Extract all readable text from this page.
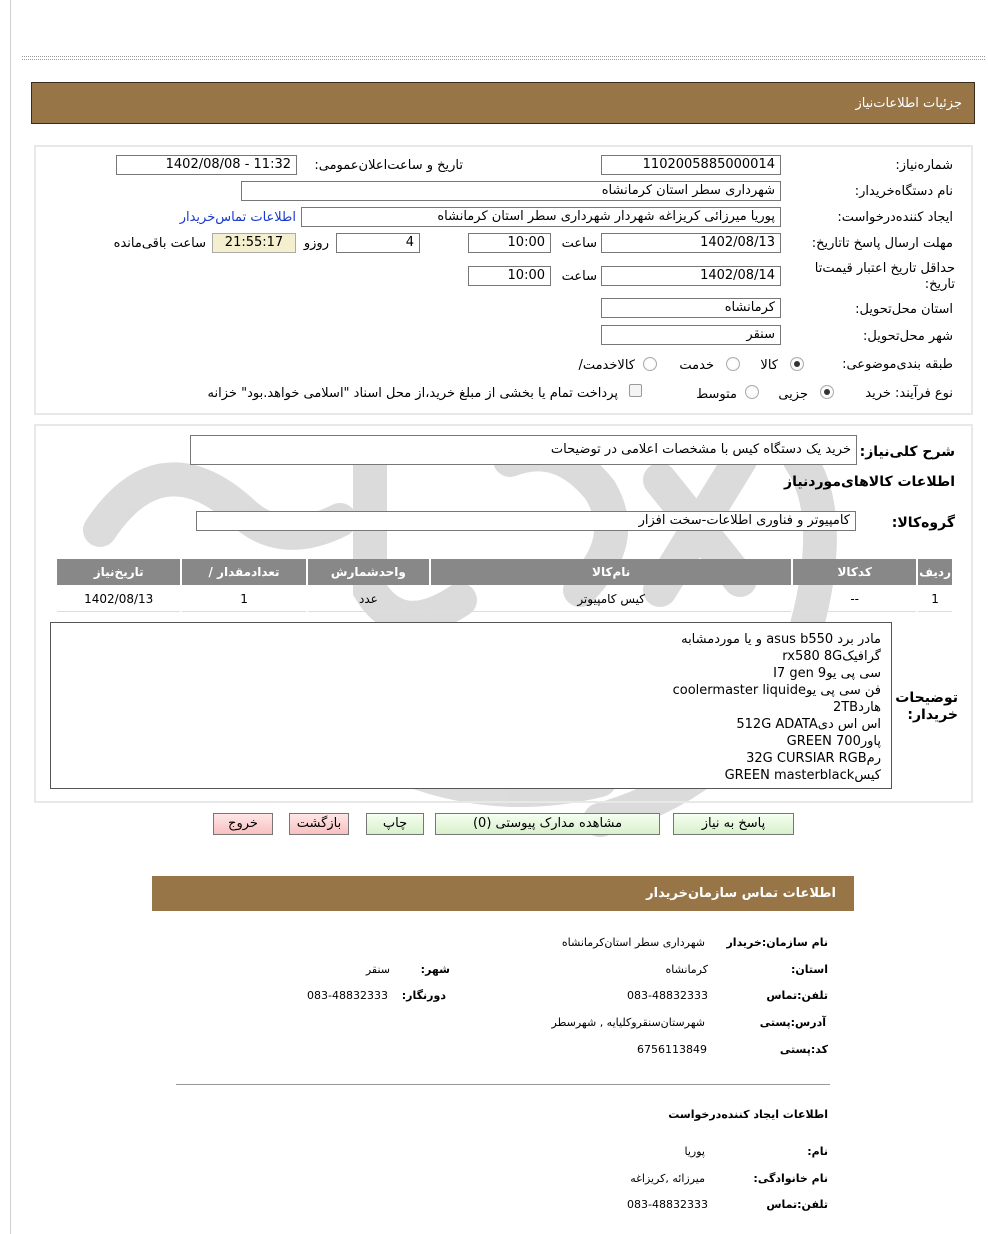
جزئیات اطلاعات‌نیاز
شماره‌نیاز:
1102005885000014
تاریخ و ساعت‌اعلان‌عمومی:
1402/08/08 - 11:32
نام دستگاه‌خریدار:
شهرداری سطر استان کرمانشاه
ایجاد کننده‌درخواست:
پوریا میرزائی کریزاغه شهردار شهرداری سطر استان کرمانشاه
اطلاعات تماس‌خریدار
مهلت ارسال پاسخ تا‌تاریخ:
1402/08/13
ساعت
10:00
4
روزو
21:55:17
ساعت باقی‌مانده
حداقل تاریخ اعتبار قیمت‌تا تاریخ:
1402/08/14
ساعت
10:00
استان محل‌تحویل:
کرمانشاه
شهر محل‌تحویل:
سنقر
طبقه بندی‌موضوعی:
کالا
خدمت
کالا‌خدمت/
نوع فرآیند: خرید
جزیی
متوسط
پرداخت تمام یا بخشی از مبلغ خرید،از محل اسناد "اسلامی خواهد.بود" خزانه
شرح کلی‌نیاز:
خرید یک دستگاه کیس با مشخصات اعلامی در توضیحات
اطلاعات کالاهای‌موردنیاز
گروه‌کالا:
کامپیوتر و فناوری اطلاعات-سخت افزار
ردیف	کدکالا	نام‌کالا	واحدشمارش	تعداد‌مقدار /	تاریخ‌نیاز
1	--	کیس کامپیوتر	عدد	1	1402/08/13
توضیحات خریدار:
مادر برد asus b550 و یا موردمشابه
گرافیکrx580 8G
سی پی یوI7 gen 9
فن سی پی یوcoolermaster liquide
هارد2TB
اس اس دی512G ADATA
پاورGREEN 700
رم32G CURSIAR RGB
کیسGREEN masterblack
پاسخ به نیاز
مشاهده مدارک پیوستی (0)
چاپ
بازگشت
خروج
اطلاعات تماس سازمان‌خریدار
نام سازمان‌:خریدار
شهرداری سطر استان‌کرمانشاه
استان:
کرمانشاه
شهر:
سنقر
تلفن‌:تماس
083-48832333
دورنگار:
083-48832333
آدرس‌:پستی
شهرستان‌سنقروکلیایه , شهرسطر
کد‌:پستی
6756113849
اطلاعات ایجاد کننده‌درخواست
نام:
پوریا
نام خانوادگی:
میرزائه ,کریزاغه
تلفن‌:تماس
083-48832333
